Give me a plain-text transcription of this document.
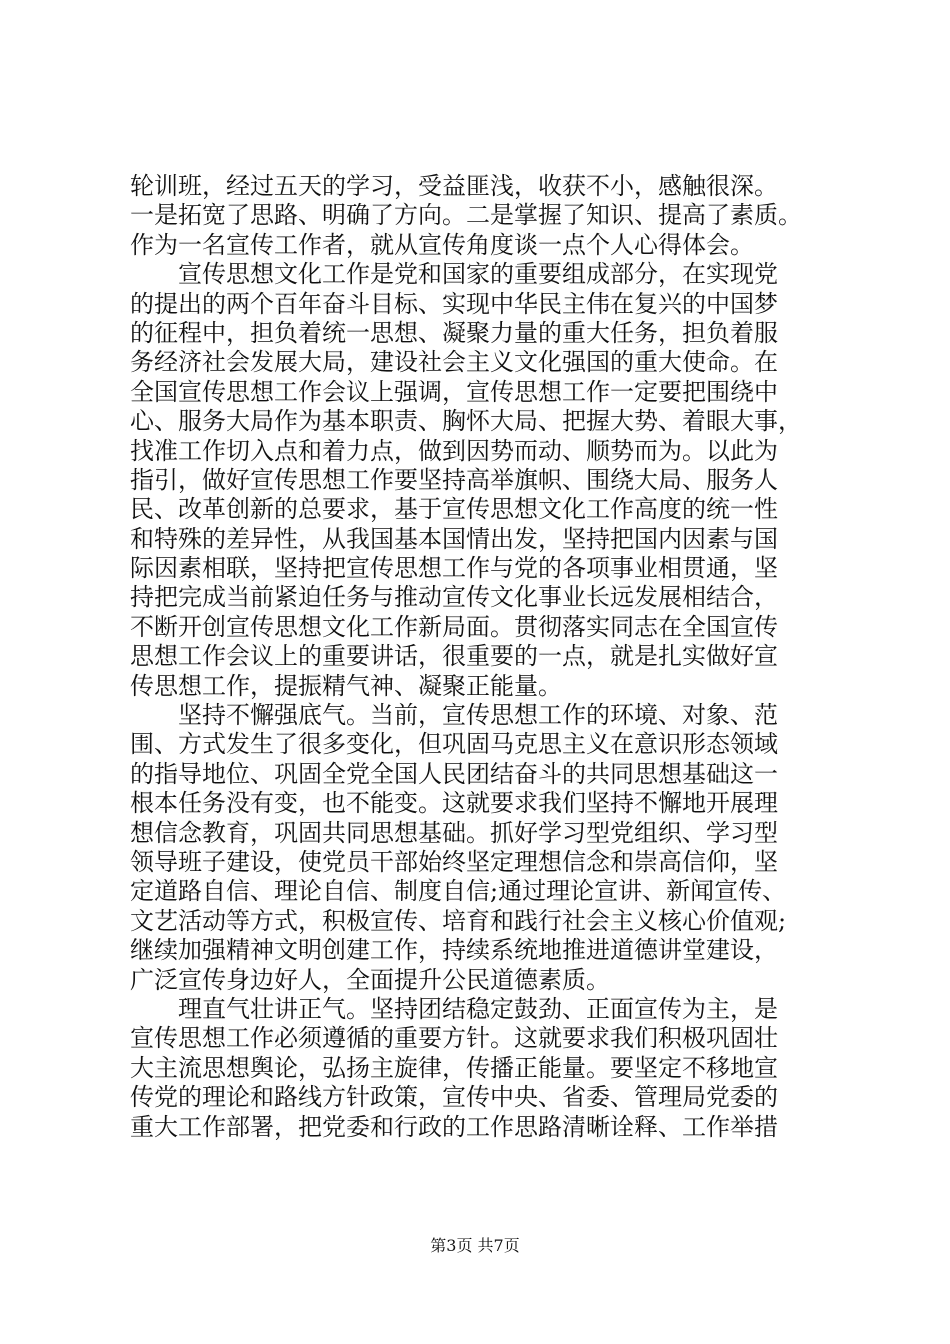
轮训班，经过五天的学习，受益匪浅，收获不小，感触很深。
一是拓宽了思路、明确了方向。二是掌握了知识、提高了素质。
作为一名宣传工作者，就从宣传角度谈一点个人心得体会。
宣传思想文化工作是党和国家的重要组成部分，在实现党
的提出的两个百年奋斗目标、实现中华民主伟在复兴的中国梦
的征程中，担负着统一思想、凝聚力量的重大任务，担负着服
务经济社会发展大局，建设社会主义文化强国的重大使命。在
全国宣传思想工作会议上强调，宣传思想工作一定要把围绕中
心、服务大局作为基本职责、胸怀大局、把握大势、着眼大事，
找准工作切入点和着力点，做到因势而动、顺势而为。以此为
指引，做好宣传思想工作要坚持高举旗帜、围绕大局、服务人
民、改革创新的总要求，基于宣传思想文化工作高度的统一性
和特殊的差异性，从我国基本国情出发，坚持把国内因素与国
际因素相联，坚持把宣传思想工作与党的各项事业相贯通，坚
持把完成当前紧迫任务与推动宣传文化事业长远发展相结合，
不断开创宣传思想文化工作新局面。贯彻落实同志在全国宣传
思想工作会议上的重要讲话，很重要的一点，就是扎实做好宣
传思想工作，提振精气神、凝聚正能量。
坚持不懈强底气。当前，宣传思想工作的环境、对象、范
围、方式发生了很多变化，但巩固马克思主义在意识形态领域
的指导地位、巩固全党全国人民团结奋斗的共同思想基础这一
根本任务没有变，也不能变。这就要求我们坚持不懈地开展理
想信念教育，巩固共同思想基础。抓好学习型党组织、学习型
领导班子建设，使党员干部始终坚定理想信念和崇高信仰，坚
定道路自信、理论自信、制度自信;通过理论宣讲、新闻宣传、
文艺活动等方式，积极宣传、培育和践行社会主义核心价值观;
继续加强精神文明创建工作，持续系统地推进道德讲堂建设，
广泛宣传身边好人，全面提升公民道德素质。
理直气壮讲正气。坚持团结稳定鼓劲、正面宣传为主，是
宣传思想工作必须遵循的重要方针。这就要求我们积极巩固壮
大主流思想舆论，弘扬主旋律，传播正能量。要坚定不移地宣
传党的理论和路线方针政策，宣传中央、省委、管理局党委的
重大工作部署，把党委和行政的工作思路清晰诠释、工作举措
第3页 共7页
